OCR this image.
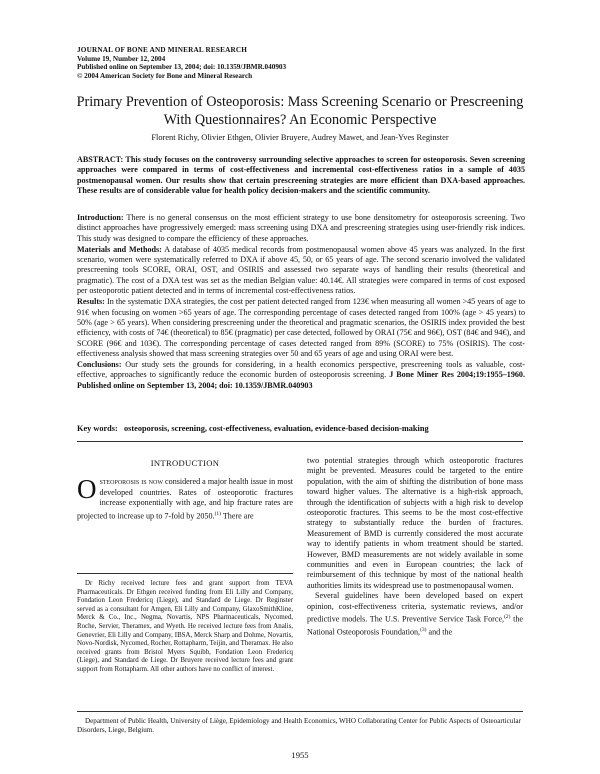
JOURNAL OF BONE AND MINERAL RESEARCH
Volume 19, Number 12, 2004
Published online on September 13, 2004; doi: 10.1359/JBMR.040903
© 2004 American Society for Bone and Mineral Research
Primary Prevention of Osteoporosis: Mass Screening Scenario or Prescreening With Questionnaires? An Economic Perspective
Florent Richy, Olivier Ethgen, Olivier Bruyere, Audrey Mawet, and Jean-Yves Reginster
ABSTRACT: This study focuses on the controversy surrounding selective approaches to screen for osteoporosis. Seven screening approaches were compared in terms of cost-effectiveness and incremental cost-effectiveness ratios in a sample of 4035 postmenopausal women. Our results show that certain prescreening strategies are more efficient than DXA-based approaches. These results are of considerable value for health policy decision-makers and the scientific community.

Introduction: There is no general consensus on the most efficient strategy to use bone densitometry for osteoporosis screening. Two distinct approaches have progressively emerged: mass screening using DXA and prescreening strategies using user-friendly risk indices. This study was designed to compare the efficiency of these approaches.

Materials and Methods: A database of 4035 medical records from postmenopausal women above 45 years was analyzed. In the first scenario, women were systematically referred to DXA if above 45, 50, or 65 years of age. The second scenario involved the validated prescreening tools SCORE, ORAI, OST, and OSIRIS and assessed two separate ways of handling their results (theoretical and pragmatic). The cost of a DXA test was set as the median Belgian value: 40.14€. All strategies were compared in terms of cost exposed per osteoporotic patient detected and in terms of incremental cost-effectiveness ratios.

Results: In the systematic DXA strategies, the cost per patient detected ranged from 123€ when measuring all women >45 years of age to 91€ when focusing on women >65 years of age. The corresponding percentage of cases detected ranged from 100% (age > 45 years) to 50% (age > 65 years). When considering prescreening under the theoretical and pragmatic scenarios, the OSIRIS index provided the best efficiency, with costs of 74€ (theoretical) to 85€ (pragmatic) per case detected, followed by ORAI (75€ and 96€), OST (84€ and 94€), and SCORE (96€ and 103€). The corresponding percentage of cases detected ranged from 89% (SCORE) to 75% (OSIRIS). The cost-effectiveness analysis showed that mass screening strategies over 50 and 65 years of age and using ORAI were best.

Conclusions: Our study sets the grounds for considering, in a health economics perspective, prescreening tools as valuable, cost-effective, approaches to significantly reduce the economic burden of osteoporosis screening. J Bone Miner Res 2004;19:1955–1960. Published online on September 13, 2004; doi: 10.1359/JBMR.040903

Key words: osteoporosis, screening, cost-effectiveness, evaluation, evidence-based decision-making
INTRODUCTION
Osteoporosis is now considered a major health issue in most developed countries. Rates of osteoporotic fractures increase exponentially with age, and hip fracture rates are projected to increase up to 7-fold by 2050.$^{(1)}$ There are
Dr Richy received lecture fees and grant support from TEVA Pharmaceuticals. Dr Ethgen received funding from Eli Lilly and Company, Fondation Leon Fredericq (Liege), and Standard de Liege. Dr Reginster served as a consultant for Amgen, Eli Lilly and Company, GlaxoSmithKline, Merck & Co., Inc., Negma, Novartis, NPS Pharmaceuticals, Nycomed, Roche, Servier, Theramex, and Wyeth. He received lecture fees from Analis, Genevrier, Eli Lilly and Company, IBSA, Merck Sharp and Dohme, Novartis, Novo-Nordisk, Nycomed, Rocher, Rottapharm, Teijin, and Theramax. He also received grants from Bristol Myers Squibb, Fondation Leon Fredericq (Liege), and Standard de Liege. Dr Bruyere received lecture fees and grant support from Rottapharm. All other authors have no conflict of interest.
two potential strategies through which osteoporotic fractures might be prevented. Measures could be targeted to the entire population, with the aim of shifting the distribution of bone mass toward higher values. The alternative is a high-risk approach, through the identification of subjects with a high risk to develop osteoporotic fractures. This seems to be the most cost-effective strategy to substantially reduce the burden of fractures. Measurement of BMD is currently considered the most accurate way to identify patients in whom treatment should be started. However, BMD measurements are not widely available in some communities and even in European countries; the lack of reimbursement of this technique by most of the national health authorities limits its widespread use to postmenopausal women.
Several guidelines have been developed based on expert opinion, cost-effectiveness criteria, systematic reviews, and/or predictive models. The U.S. Preventive Service Task Force,$^{(2)}$ the National Osteoporosis Foundation,$^{(3)}$ and the
Department of Public Health, University of Liège, Epidemiology and Health Economics, WHO Collaborating Center for Public Aspects of Osteoarticular Disorders, Liege, Belgium.
1955
